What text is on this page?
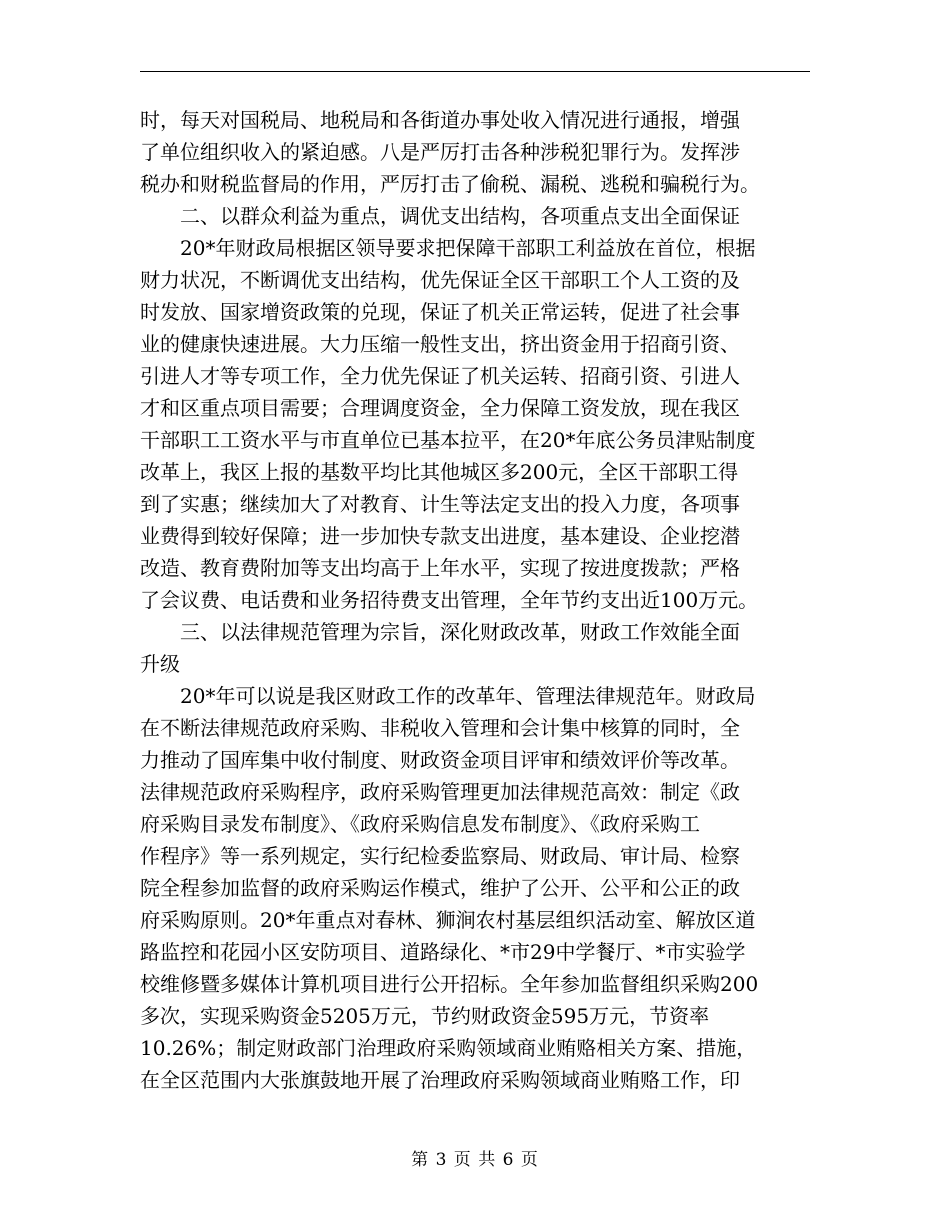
时，每天对国税局、地税局和各街道办事处收入情况进行通报，增强
了单位组织收入的紧迫感。八是严厉打击各种涉税犯罪行为。发挥涉
税办和财税监督局的作用，严厉打击了偷税、漏税、逃税和骗税行为。
　　二、以群众利益为重点，调优支出结构，各项重点支出全面保证
　　20*年财政局根据区领导要求把保障干部职工利益放在首位，根据
财力状况，不断调优支出结构，优先保证全区干部职工个人工资的及
时发放、国家增资政策的兑现，保证了机关正常运转，促进了社会事
业的健康快速进展。大力压缩一般性支出，挤出资金用于招商引资、
引进人才等专项工作，全力优先保证了机关运转、招商引资、引进人
才和区重点项目需要；合理调度资金，全力保障工资发放，现在我区
干部职工工资水平与市直单位已基本拉平，在20*年底公务员津贴制度
改革上，我区上报的基数平均比其他城区多200元，全区干部职工得
到了实惠；继续加大了对教育、计生等法定支出的投入力度，各项事
业费得到较好保障；进一步加快专款支出进度，基本建设、企业挖潜
改造、教育费附加等支出均高于上年水平，实现了按进度拨款；严格
了会议费、电话费和业务招待费支出管理，全年节约支出近100万元。
　　三、以法律规范管理为宗旨，深化财政改革，财政工作效能全面
升级
　　20*年可以说是我区财政工作的改革年、管理法律规范年。财政局
在不断法律规范政府采购、非税收入管理和会计集中核算的同时，全
力推动了国库集中收付制度、财政资金项目评审和绩效评价等改革。
法律规范政府采购程序，政府采购管理更加法律规范高效：制定《政
府采购目录发布制度》、《政府采购信息发布制度》、《政府采购工
作程序》等一系列规定，实行纪检委监察局、财政局、审计局、检察
院全程参加监督的政府采购运作模式，维护了公开、公平和公正的政
府采购原则。20*年重点对春林、狮涧农村基层组织活动室、解放区道
路监控和花园小区安防项目、道路绿化、*市29中学餐厅、*市实验学
校维修暨多媒体计算机项目进行公开招标。全年参加监督组织采购200
多次，实现采购资金5205万元，节约财政资金595万元，节资率
10.26%；制定财政部门治理政府采购领域商业贿赂相关方案、措施，
在全区范围内大张旗鼓地开展了治理政府采购领域商业贿赂工作，印
第 3 页 共 6 页
